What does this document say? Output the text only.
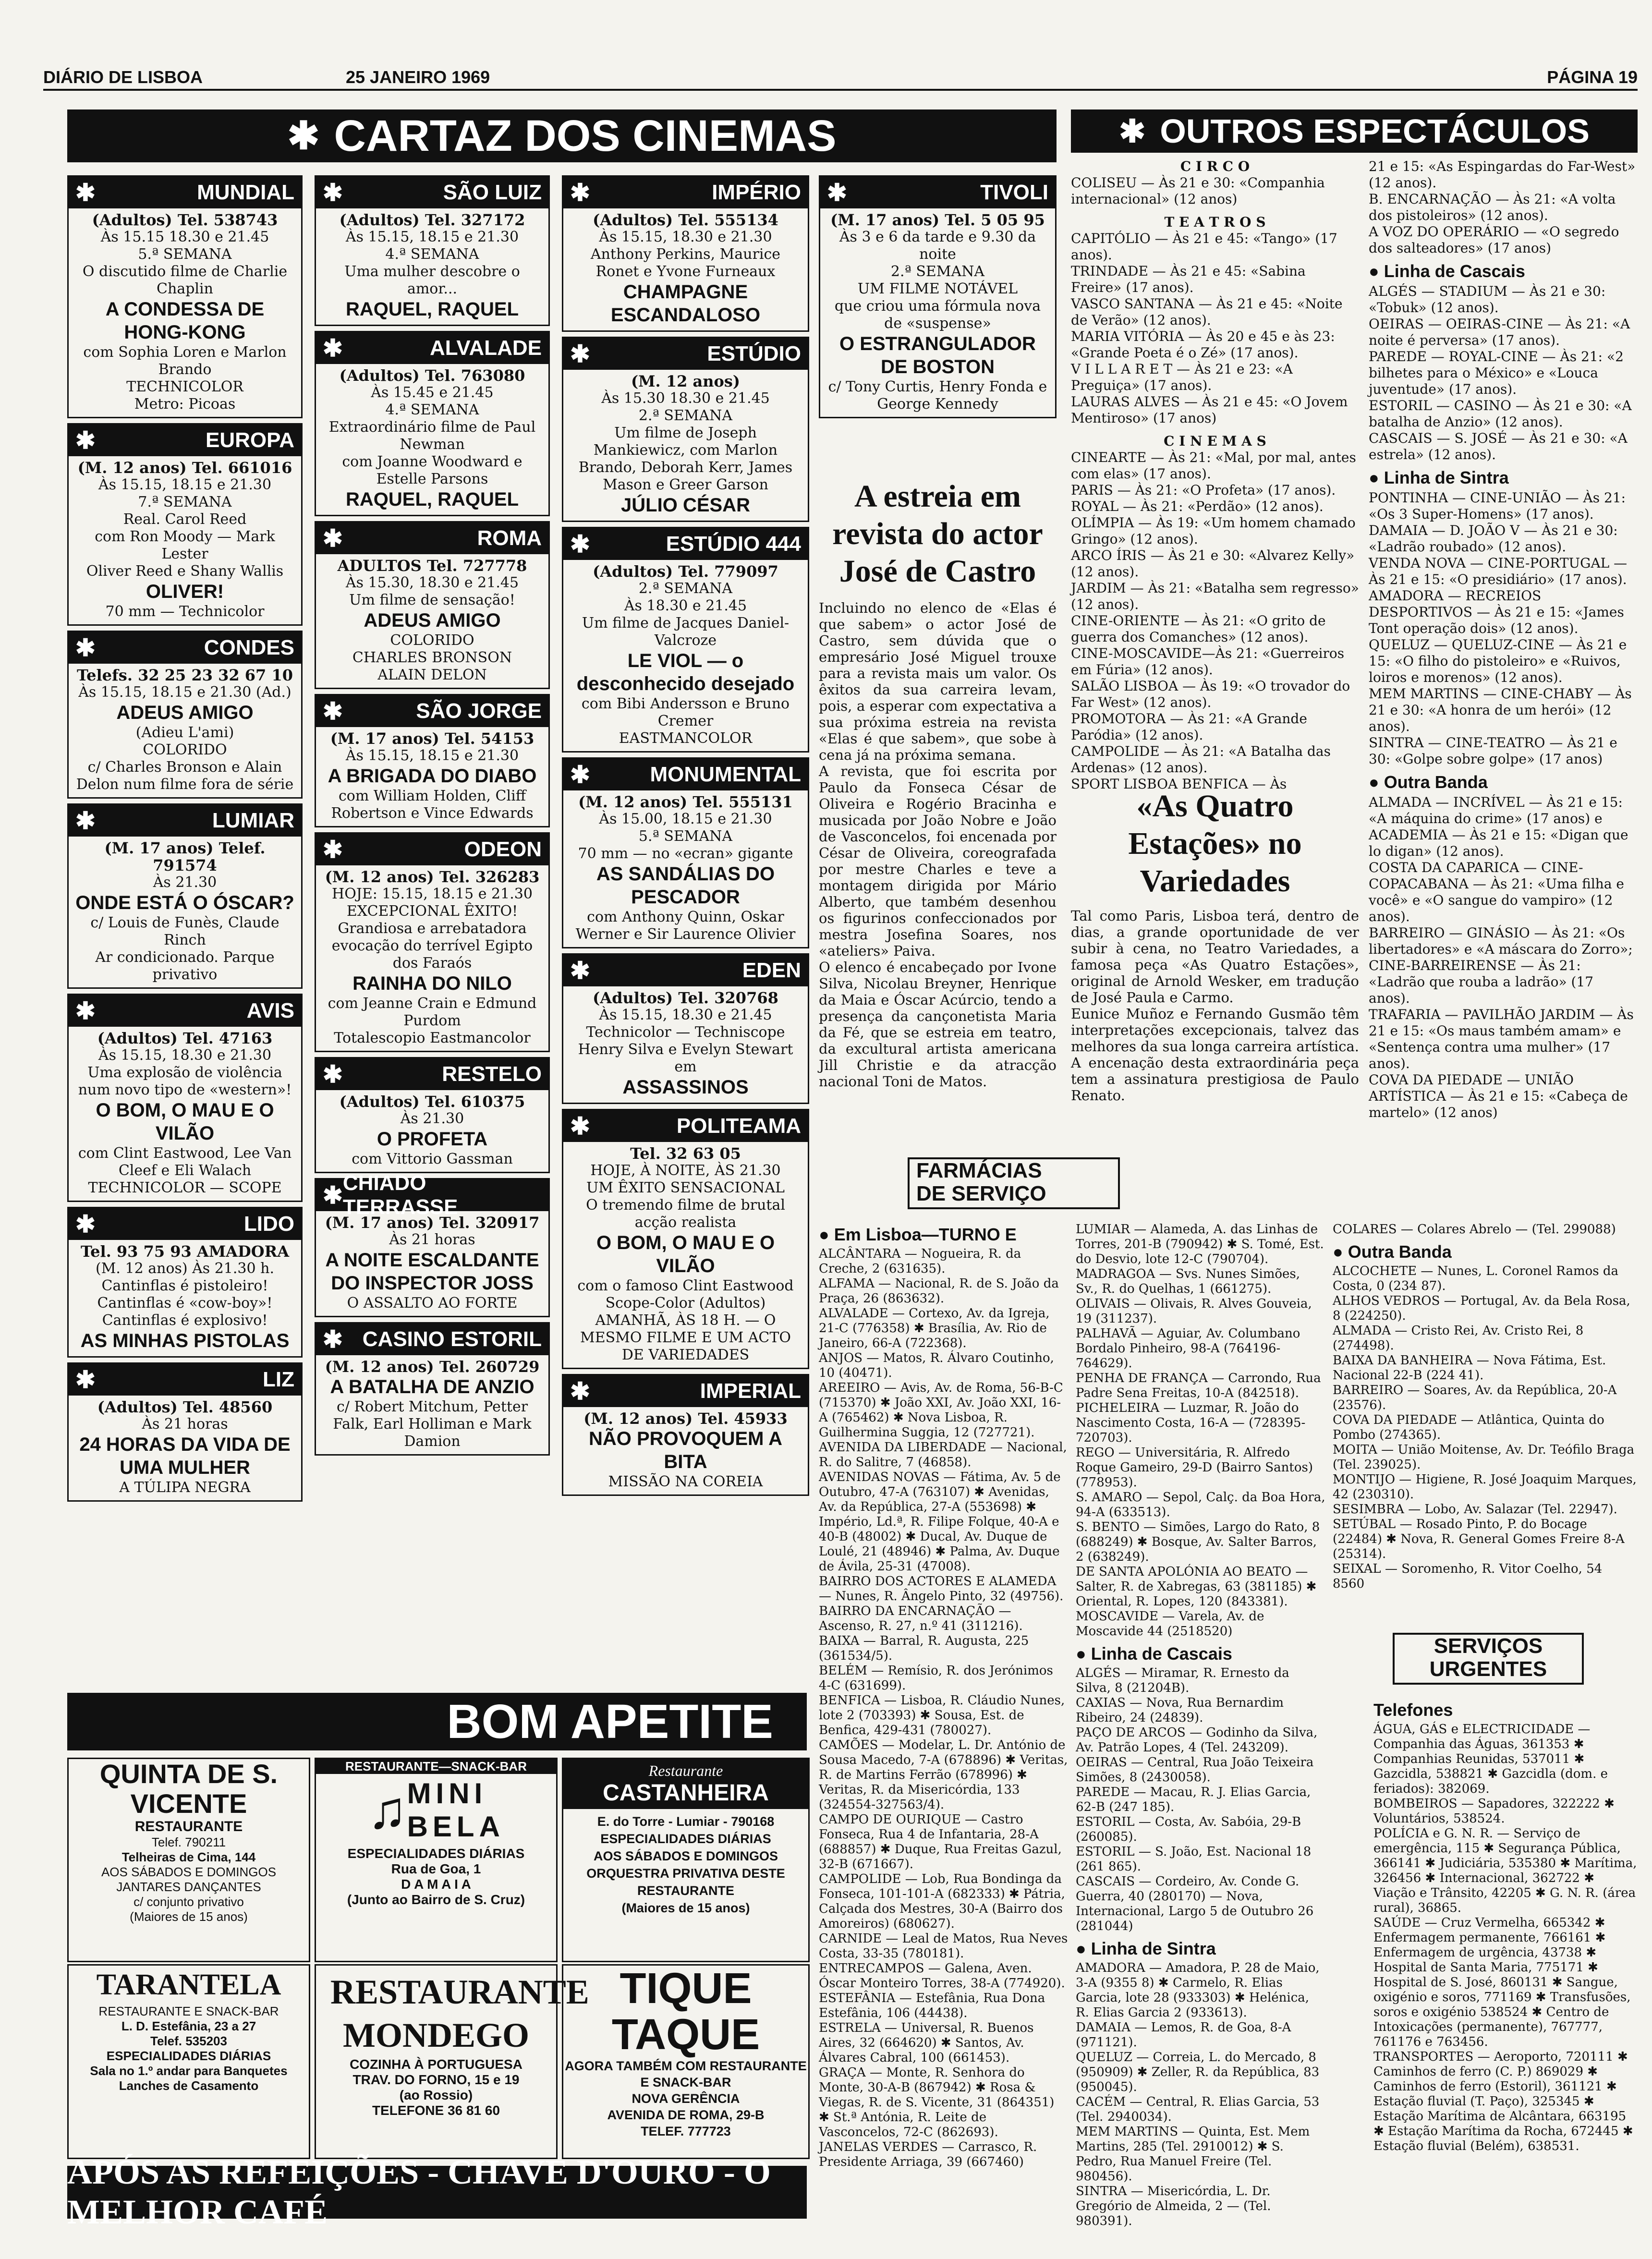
DIÁRIO DE LISBOA	25 JANEIRO 1969	PÁGINA 19
✱ CARTAZ DOS CINEMAS
✱	MUNDIAL
(Adultos) Tel. 538743
Às 15.15 18.30 e 21.45
5.ª SEMANA
O discutido filme de Charlie Chaplin
A CONDESSA DE HONG-KONG
com Sophia Loren e Marlon Brando
TECHNICOLOR
Metro: Picoas
✱	EUROPA
(M. 12 anos) Tel. 661016
Às 15.15, 18.15 e 21.30
7.ª SEMANA
Real. Carol Reed
com Ron Moody — Mark Lester
Oliver Reed e Shany Wallis
OLIVER!
70 mm — Technicolor
✱	CONDES
Telefs. 32 25 23 32 67 10
Às 15.15, 18.15 e 21.30 (Ad.)
ADEUS AMIGO
(Adieu L'ami)
COLORIDO
c/ Charles Bronson e Alain Delon num filme fora de série
✱	LUMIAR
(M. 17 anos) Telef. 791574
Às 21.30
ONDE ESTÁ O ÓSCAR?
c/ Louis de Funès, Claude Rinch
Ar condicionado. Parque privativo
✱	AVIS
(Adultos) Tel. 47163
Às 15.15, 18.30 e 21.30
Uma explosão de violência num novo tipo de «western»!
O BOM, O MAU E O VILÃO
com Clint Eastwood, Lee Van Cleef e Eli Walach
TECHNICOLOR — SCOPE
✱	LIDO
Tel. 93 75 93 AMADORA
(M. 12 anos) Às 21.30 h.
Cantinflas é pistoleiro!
Cantinflas é «cow-boy»!
Cantinflas é explosivo!
AS MINHAS PISTOLAS
✱	LIZ
(Adultos) Tel. 48560
Às 21 horas
24 HORAS DA VIDA DE UMA MULHER
A TÚLIPA NEGRA
✱	SÃO LUIZ
(Adultos) Tel. 327172
Às 15.15, 18.15 e 21.30
4.ª SEMANA
Uma mulher descobre o amor...
RAQUEL, RAQUEL
✱	ALVALADE
(Adultos) Tel. 763080
Às 15.45 e 21.45
4.ª SEMANA
Extraordinário filme de Paul Newman
com Joanne Woodward e Estelle Parsons
RAQUEL, RAQUEL
✱	ROMA
ADULTOS Tel. 727778
Às 15.30, 18.30 e 21.45
Um filme de sensação!
ADEUS AMIGO
COLORIDO
CHARLES BRONSON
ALAIN DELON
✱	SÃO JORGE
(M. 17 anos) Tel. 54153
Às 15.15, 18.15 e 21.30
A BRIGADA DO DIABO
com William Holden, Cliff Robertson e Vince Edwards
✱	ODEON
(M. 12 anos) Tel. 326283
HOJE: 15.15, 18.15 e 21.30
EXCEPCIONAL ÊXITO!
Grandiosa e arrebatadora evocação do terrível Egipto dos Faraós
RAINHA DO NILO
com Jeanne Crain e Edmund Purdom
Totalescopio Eastmancolor
✱	RESTELO
(Adultos) Tel. 610375
Às 21.30
O PROFETA
com Vittorio Gassman
✱ CHIADO TERRASSE
(M. 17 anos) Tel. 320917
Às 21 horas
A NOITE ESCALDANTE DO INSPECTOR JOSS
O ASSALTO AO FORTE
✱ CASINO ESTORIL
(M. 12 anos) Tel. 260729
A BATALHA DE ANZIO
c/ Robert Mitchum, Petter Falk, Earl Holliman e Mark Damion
✱	IMPÉRIO
(Adultos) Tel. 555134
Às 15.15, 18.30 e 21.30
Anthony Perkins, Maurice Ronet e Yvone Furneaux
CHAMPAGNE ESCANDALOSO
✱	ESTÚDIO
(M. 12 anos)
Às 15.30 18.30 e 21.45
2.ª SEMANA
Um filme de Joseph Mankiewicz, com Marlon Brando, Deborah Kerr, James Mason e Greer Garson
JÚLIO CÉSAR
✱	ESTÚDIO 444
(Adultos) Tel. 779097
2.ª SEMANA
Às 18.30 e 21.45
Um filme de Jacques Daniel-Valcroze
LE VIOL — o desconhecido desejado
com Bibi Andersson e Bruno Cremer
EASTMANCOLOR
✱	MONUMENTAL
(M. 12 anos) Tel. 555131
Às 15.00, 18.15 e 21.30
5.ª SEMANA
70 mm — no «ecran» gigante
AS SANDÁLIAS DO PESCADOR
com Anthony Quinn, Oskar Werner e Sir Laurence Olivier
✱	EDEN
(Adultos) Tel. 320768
Às 15.15, 18.30 e 21.45
Technicolor — Techniscope
Henry Silva e Evelyn Stewart em
ASSASSINOS
✱	POLITEAMA
Tel. 32 63 05
HOJE, À NOITE, ÀS 21.30
UM ÊXITO SENSACIONAL
O tremendo filme de brutal acção realista
O BOM, O MAU E O VILÃO
com o famoso Clint Eastwood
Scope-Color (Adultos)
AMANHÃ, ÀS 18 H. — O MESMO FILME E UM ACTO DE VARIEDADES
✱	IMPERIAL
(M. 12 anos) Tel. 45933
NÃO PROVOQUEM A BITA
MISSÃO NA COREIA
✱	TIVOLI
(M. 17 anos) Tel. 5 05 95
Às 3 e 6 da tarde e 9.30 da noite
2.ª SEMANA
UM FILME NOTÁVEL
que criou uma fórmula nova de «suspense»
O ESTRANGULADOR DE BOSTON
c/ Tony Curtis, Henry Fonda e George Kennedy
A estreia em revista do actor José de Castro
Incluindo no elenco de «Elas é que sabem» o actor José de Castro, sem dúvida que o empresário José Miguel trouxe para a revista mais um valor. Os êxitos da sua carreira levam, pois, a esperar com expectativa a sua próxima estreia na revista «Elas é que sabem», que sobe à cena já na próxima semana.
A revista, que foi escrita por Paulo da Fonseca César de Oliveira e Rogério Bracinha e musicada por João Nobre e João de Vasconcelos, foi encenada por César de Oliveira, coreografada por mestre Charles e teve a montagem dirigida por Mário Alberto, que também desenhou os figurinos confeccionados por mestra Josefina Soares, nos «ateliers» Paiva.
O elenco é encabeçado por Ivone Silva, Nicolau Breyner, Henrique da Maia e Óscar Acúrcio, tendo a presença da cançonetista Maria da Fé, que se estreia em teatro, da excultural artista americana Jill Christie e da atracção nacional Toni de Matos.
✱ OUTROS ESPECTÁCULOS
C I R C O
COLISEU — Às 21 e 30: «Companhia internacional» (12 anos)
T E A T R O S
CAPITÓLIO — Às 21 e 45: «Tango» (17 anos).
TRINDADE — Às 21 e 45: «Sabina Freire» (17 anos).
VASCO SANTANA — Às 21 e 45: «Noite de Verão» (12 anos).
MARIA VITÓRIA — Às 20 e 45 e às 23: «Grande Poeta é o Zé» (17 anos).
V I L L A R E T — Às 21 e 23: «A Preguiça» (17 anos).
LAURAS ALVES — Às 21 e 45: «O Jovem Mentiroso» (17 anos)
C I N E M A S
CINEARTE — Às 21: «Mal, por mal, antes com elas» (17 anos).
PARIS — Às 21: «O Profeta» (17 anos).
ROYAL — Às 21: «Perdão» (12 anos).
OLÍMPIA — Às 19: «Um homem chamado Gringo» (12 anos).
ARCO ÍRIS — Às 21 e 30: «Alvarez Kelly» (12 anos).
JARDIM — Às 21: «Batalha sem regresso» (12 anos).
CINE-ORIENTE — Às 21: «O grito de guerra dos Comanches» (12 anos).
CINE-MOSCAVIDE—Às 21: «Guerreiros em Fúria» (12 anos).
SALÃO LISBOA — Às 19: «O trovador do Far West» (12 anos).
PROMOTORA — Às 21: «A Grande Paródia» (12 anos).
CAMPOLIDE — Às 21: «A Batalha das Ardenas» (12 anos).
SPORT LISBOA BENFICA — Às
«As Quatro Estações» no Variedades
Tal como Paris, Lisboa terá, dentro de dias, a grande oportunidade de ver subir à cena, no Teatro Variedades, a famosa peça «As Quatro Estações», original de Arnold Wesker, em tradução de José Paula e Carmo.
Eunice Muñoz e Fernando Gusmão têm interpretações excepcionais, talvez das melhores da sua longa carreira artística. A encenação desta extraordinária peça tem a assinatura prestigiosa de Paulo Renato.
21 e 15: «As Espingardas do Far-West» (12 anos).
B. ENCARNAÇÃO — Às 21: «A volta dos pistoleiros» (12 anos).
A VOZ DO OPERÁRIO — «O segredo dos salteadores» (17 anos)
● Linha de Cascais
ALGÉS — STADIUM — Às 21 e 30: «Tobuk» (12 anos).
OEIRAS — OEIRAS-CINE — Às 21: «A noite é perversa» (17 anos).
PAREDE — ROYAL-CINE — Às 21: «2 bilhetes para o México» e «Louca juventude» (17 anos).
ESTORIL — CASINO — Às 21 e 30: «A batalha de Anzio» (12 anos).
CASCAIS — S. JOSÉ — Às 21 e 30: «A estrela» (12 anos).
● Linha de Sintra
PONTINHA — CINE-UNIÃO — Às 21: «Os 3 Super-Homens» (17 anos).
DAMAIA — D. JOÃO V — Às 21 e 30: «Ladrão roubado» (12 anos).
VENDA NOVA — CINE-PORTUGAL — Às 21 e 15: «O presidiário» (17 anos).
AMADORA — RECREIOS DESPORTIVOS — Às 21 e 15: «James Tont operação dois» (12 anos).
QUELUZ — QUELUZ-CINE — Às 21 e 15: «O filho do pistoleiro» e «Ruivos, loiros e morenos» (12 anos).
MEM MARTINS — CINE-CHABY — Às 21 e 30: «A honra de um herói» (12 anos).
SINTRA — CINE-TEATRO — Às 21 e 30: «Golpe sobre golpe» (17 anos)
● Outra Banda
ALMADA — INCRÍVEL — Às 21 e 15: «A máquina do crime» (17 anos) e ACADEMIA — Às 21 e 15: «Digan que lo digan» (12 anos).
COSTA DA CAPARICA — CINE-COPACABANA — Às 21: «Uma filha e você» e «O sangue do vampiro» (12 anos).
BARREIRO — GINÁSIO — Às 21: «Os libertadores» e «A máscara do Zorro»; CINE-BARREIRENSE — Às 21: «Ladrão que rouba a ladrão» (17 anos).
TRAFARIA — PAVILHÃO JARDIM — Às 21 e 15: «Os maus também amam» e «Sentença contra uma mulher» (17 anos).
COVA DA PIEDADE — UNIÃO ARTÍSTICA — Às 21 e 15: «Cabeça de martelo» (12 anos)
FARMÁCIAS
DE SERVIÇO
● Em Lisboa—TURNO E
ALCÂNTARA — Nogueira, R. da Creche, 2 (631635).
ALFAMA — Nacional, R. de S. João da Praça, 26 (863632).
ALVALADE — Cortexo, Av. da Igreja, 21-C (776358) ✱ Brasília, Av. Rio de Janeiro, 66-A (722368).
ANJOS — Matos, R. Álvaro Coutinho, 10 (40471).
AREEIRO — Avis, Av. de Roma, 56-B-C (715370) ✱ João XXI, Av. João XXI, 16-A (765462) ✱ Nova Lisboa, R. Guilhermina Suggia, 12 (727721).
AVENIDA DA LIBERDADE — Nacional, R. do Salitre, 7 (46858).
AVENIDAS NOVAS — Fátima, Av. 5 de Outubro, 47-A (763107) ✱ Avenidas, Av. da República, 27-A (553698) ✱ Império, Ld.ª, R. Filipe Folque, 40-A e 40-B (48002) ✱ Ducal, Av. Duque de Loulé, 21 (48946) ✱ Palma, Av. Duque de Ávila, 25-31 (47008).
BAIRRO DOS ACTORES E ALAMEDA — Nunes, R. Ângelo Pinto, 32 (49756).
BAIRRO DA ENCARNAÇÃO — Ascenso, R. 27, n.º 41 (311216).
BAIXA — Barral, R. Augusta, 225 (361534/5).
BELÉM — Remísio, R. dos Jerónimos 4-C (631699).
BENFICA — Lisboa, R. Cláudio Nunes, lote 2 (703393) ✱ Sousa, Est. de Benfica, 429-431 (780027).
CAMÕES — Modelar, L. Dr. António de Sousa Macedo, 7-A (678896) ✱ Veritas, R. de Martins Ferrão (678996) ✱ Veritas, R. da Misericórdia, 133 (324554-327563/4).
CAMPO DE OURIQUE — Castro Fonseca, Rua 4 de Infantaria, 28-A (688857) ✱ Duque, Rua Freitas Gazul, 32-B (671667).
CAMPOLIDE — Lob, Rua Bondinga da Fonseca, 101-101-A (682333) ✱ Pátria, Calçada dos Mestres, 30-A (Bairro dos Amoreiros) (680627).
CARNIDE — Leal de Matos, Rua Neves Costa, 33-35 (780181).
ENTRECAMPOS — Galena, Aven. Óscar Monteiro Torres, 38-A (774920).
ESTEFÂNIA — Estefânia, Rua Dona Estefânia, 106 (44438).
ESTRELA — Universal, R. Buenos Aires, 32 (664620) ✱ Santos, Av. Álvares Cabral, 100 (661453).
GRAÇA — Monte, R. Senhora do Monte, 30-A-B (867942) ✱ Rosa & Viegas, R. de S. Vicente, 31 (864351) ✱ St.ª Antónia, R. Leite de Vasconcelos, 72-C (862693).
JANELAS VERDES — Carrasco, R. Presidente Arriaga, 39 (667460)
LUMIAR — Alameda, A. das Linhas de Torres, 201-B (790942) ✱ S. Tomé, Est. do Desvio, lote 12-C (790704).
MADRAGOA — Svs. Nunes Simões, Sv., R. do Quelhas, 1 (661275).
OLIVAIS — Olivais, R. Alves Gouveia, 19 (311237).
PALHAVÃ — Aguiar, Av. Columbano Bordalo Pinheiro, 98-A (764196-764629).
PENHA DE FRANÇA — Carrondo, Rua Padre Sena Freitas, 10-A (842518).
PICHELEIRA — Luzmar, R. João do Nascimento Costa, 16-A — (728395-720703).
REGO — Universitária, R. Alfredo Roque Gameiro, 29-D (Bairro Santos) (778953).
S. AMARO — Sepol, Calç. da Boa Hora, 94-A (633513).
S. BENTO — Simões, Largo do Rato, 8 (688249) ✱ Bosque, Av. Salter Barros, 2 (638249).
DE SANTA APOLÓNIA AO BEATO — Salter, R. de Xabregas, 63 (381185) ✱ Oriental, R. Lopes, 120 (843381).
MOSCAVIDE — Varela, Av. de Moscavide 44 (2518520)
● Linha de Cascais
ALGÉS — Miramar, R. Ernesto da Silva, 8 (21204B).
CAXIAS — Nova, Rua Bernardim Ribeiro, 24 (24839).
PAÇO DE ARCOS — Godinho da Silva, Av. Patrão Lopes, 4 (Tel. 243209).
OEIRAS — Central, Rua João Teixeira Simões, 8 (2430058).
PAREDE — Macau, R. J. Elias Garcia, 62-B (247 185).
ESTORIL — Costa, Av. Sabóia, 29-B (260085).
ESTORIL — S. João, Est. Nacional 18 (261 865).
CASCAIS — Cordeiro, Av. Conde G. Guerra, 40 (280170) — Nova, Internacional, Largo 5 de Outubro 26 (281044)
● Linha de Sintra
AMADORA — Amadora, P. 28 de Maio, 3-A (9355 8) ✱ Carmelo, R. Elias Garcia, lote 28 (933303) ✱ Helénica, R. Elias Garcia 2 (933613).
DAMAIA — Lemos, R. de Goa, 8-A (971121).
QUELUZ — Correia, L. do Mercado, 8 (950909) ✱ Zeller, R. da República, 83 (950045).
CACÉM — Central, R. Elias Garcia, 53 (Tel. 2940034).
MEM MARTINS — Quinta, Est. Mem Martins, 285 (Tel. 2910012) ✱ S. Pedro, Rua Manuel Freire (Tel. 980456).
SINTRA — Misericórdia, L. Dr. Gregório de Almeida, 2 — (Tel. 980391).
COLARES — Colares Abrelo — (Tel. 299088)
● Outra Banda
ALCOCHETE — Nunes, L. Coronel Ramos da Costa, 0 (234 87).
ALHOS VEDROS — Portugal, Av. da Bela Rosa, 8 (224250).
ALMADA — Cristo Rei, Av. Cristo Rei, 8 (274498).
BAIXA DA BANHEIRA — Nova Fátima, Est. Nacional 22-B (224 41).
BARREIRO — Soares, Av. da República, 20-A (23576).
COVA DA PIEDADE — Atlântica, Quinta do Pombo (274365).
MOITA — União Moitense, Av. Dr. Teófilo Braga (Tel. 239025).
MONTIJO — Higiene, R. José Joaquim Marques, 42 (230310).
SESIMBRA — Lobo, Av. Salazar (Tel. 22947).
SETÚBAL — Rosado Pinto, P. do Bocage (22484) ✱ Nova, R. General Gomes Freire 8-A (25314).
SEIXAL — Soromenho, R. Vitor Coelho, 54 8560
SERVIÇOS
URGENTES
Telefones
ÁGUA, GÁS e ELECTRICIDADE — Companhia das Águas, 361353 ✱ Companhias Reunidas, 537011 ✱ Gazcidla, 538821 ✱ Gazcidla (dom. e feriados): 382069.
BOMBEIROS — Sapadores, 322222 ✱ Voluntários, 538524.
POLÍCIA e G. N. R. — Serviço de emergência, 115 ✱ Segurança Pública, 366141 ✱ Judiciária, 535380 ✱ Marítima, 326456 ✱ Internacional, 362722 ✱ Viação e Trânsito, 42205 ✱ G. N. R. (área rural), 36865.
SAÚDE — Cruz Vermelha, 665342 ✱ Enfermagem permanente, 766161 ✱ Enfermagem de urgência, 43738 ✱ Hospital de Santa Maria, 775171 ✱ Hospital de S. José, 860131 ✱ Sangue, oxigénio e soros, 771169 ✱ Transfusões, soros e oxigénio 538524 ✱ Centro de Intoxicações (permanente), 767777, 761176 e 763456.
TRANSPORTES — Aeroporto, 720111 ✱ Caminhos de ferro (C. P.) 869029 ✱ Caminhos de ferro (Estoril), 361121 ✱ Estação fluvial (T. Paço), 325345 ✱ Estação Marítima de Alcântara, 663195 ✱ Estação Marítima da Rocha, 672445 ✱ Estação fluvial (Belém), 638531.
BOM APETITE
QUINTA DE S. VICENTE
RESTAURANTE
Telef. 790211
Telheiras de Cima, 144
AOS SÁBADOS E DOMINGOS JANTARES DANÇANTES
c/ conjunto privativo
(Maiores de 15 anos)
TARANTELA
RESTAURANTE E SNACK-BAR
L. D. Estefânia, 23 a 27
Telef. 535203
ESPECIALIDADES DIÁRIAS
Sala no 1.º andar para Banquetes
Lanches de Casamento
RESTAURANTE—SNACK-BAR
♫ MINI
BELA
ESPECIALIDADES DIÁRIAS
Rua de Goa, 1
D A M A I A
(Junto ao Bairro de S. Cruz)
RESTAURANTE MONDEGO
COZINHA À PORTUGUESA
TRAV. DO FORNO, 15 e 19
(ao Rossio)
TELEFONE 36 81 60
Restaurante
CASTANHEIRA
E. do Torre - Lumiar - 790168
ESPECIALIDADES DIÁRIAS
AOS SÁBADOS E DOMINGOS
ORQUESTRA PRIVATIVA DESTE RESTAURANTE
(Maiores de 15 anos)
TIQUE TAQUE
AGORA TAMBÉM COM RESTAURANTE E SNACK-BAR
NOVA GERÊNCIA
AVENIDA DE ROMA, 29-B
TELEF. 777723
APÓS AS REFEIÇÕES - CHAVE D'OURO - O MELHOR CAFÉ
